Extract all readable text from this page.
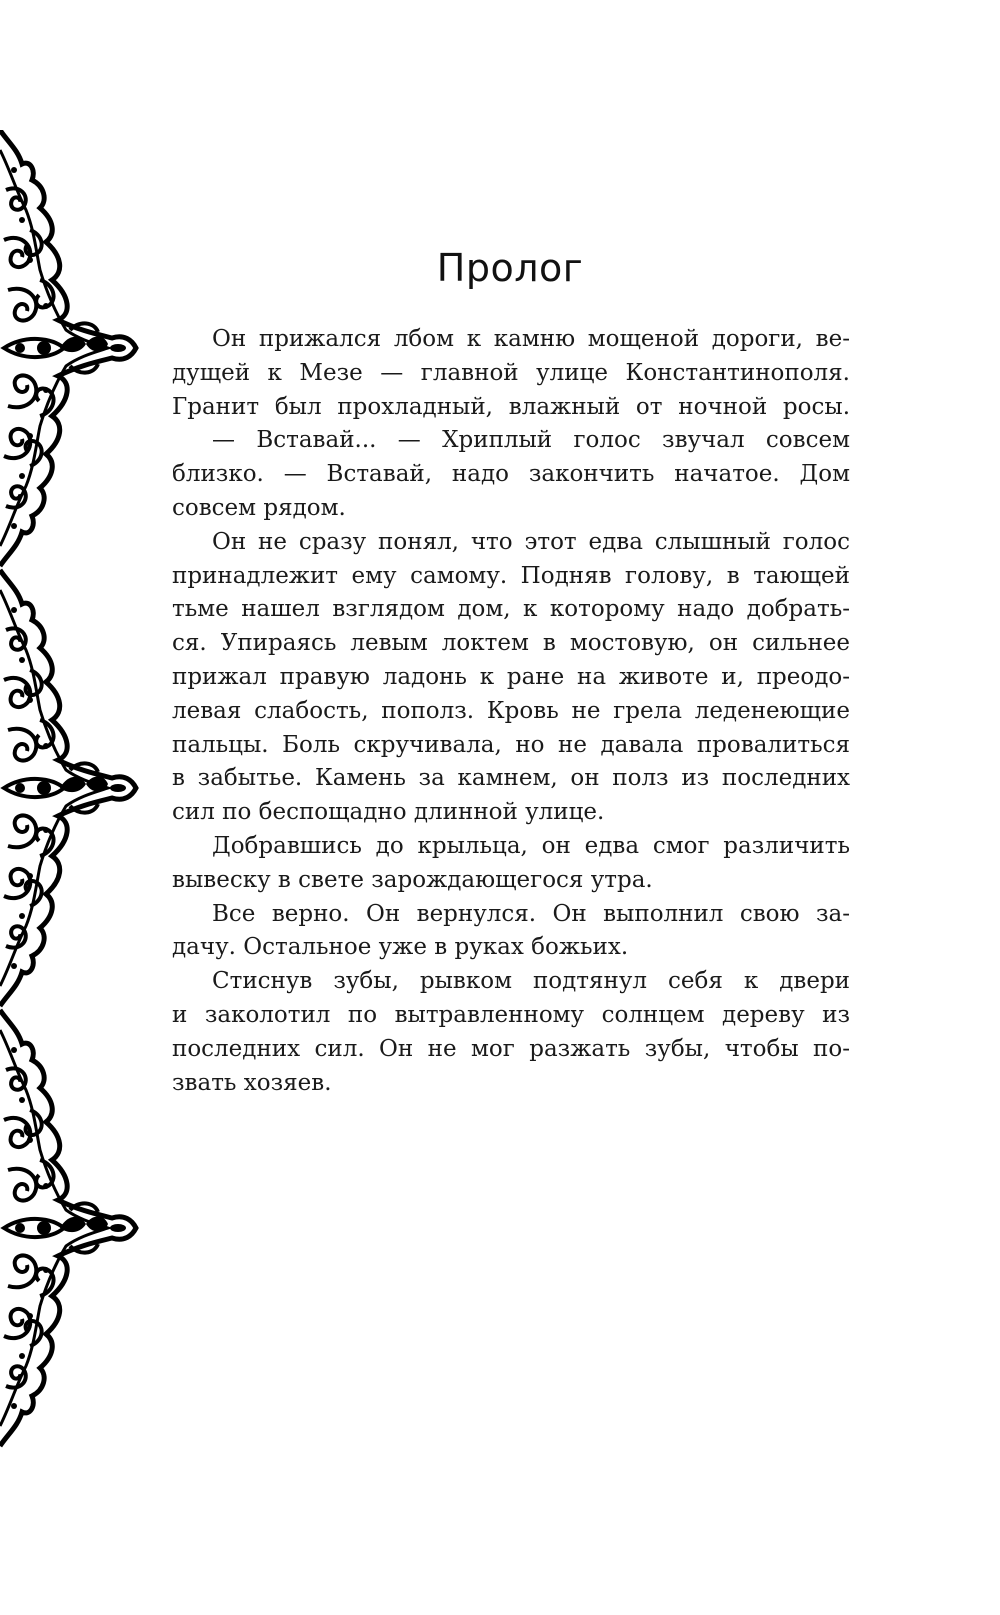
Пролог
Он прижался лбом к камню мощеной дороги, ве-
дущей к Мезе — главной улице Константинополя.
Гранит был прохладный, влажный от ночной росы.
— Вставай... — Хриплый голос звучал совсем
близко. — Вставай, надо закончить начатое. Дом
совсем рядом.
Он не сразу понял, что этот едва слышный голос
принадлежит ему самому. Подняв голову, в тающей
тьме нашел взглядом дом, к которому надо добрать-
ся. Упираясь левым локтем в мостовую, он сильнее
прижал правую ладонь к ране на животе и, преодо-
левая слабость, пополз. Кровь не грела леденеющие
пальцы. Боль скручивала, но не давала провалиться
в забытье. Камень за камнем, он полз из последних
сил по беспощадно длинной улице.
Добравшись до крыльца, он едва смог различить
вывеску в свете зарождающегося утра.
Все верно. Он вернулся. Он выполнил свою за-
дачу. Остальное уже в руках божьих.
Стиснув зубы, рывком подтянул себя к двери
и заколотил по вытравленному солнцем дереву из
последних сил. Он не мог разжать зубы, чтобы по-
звать хозяев.
